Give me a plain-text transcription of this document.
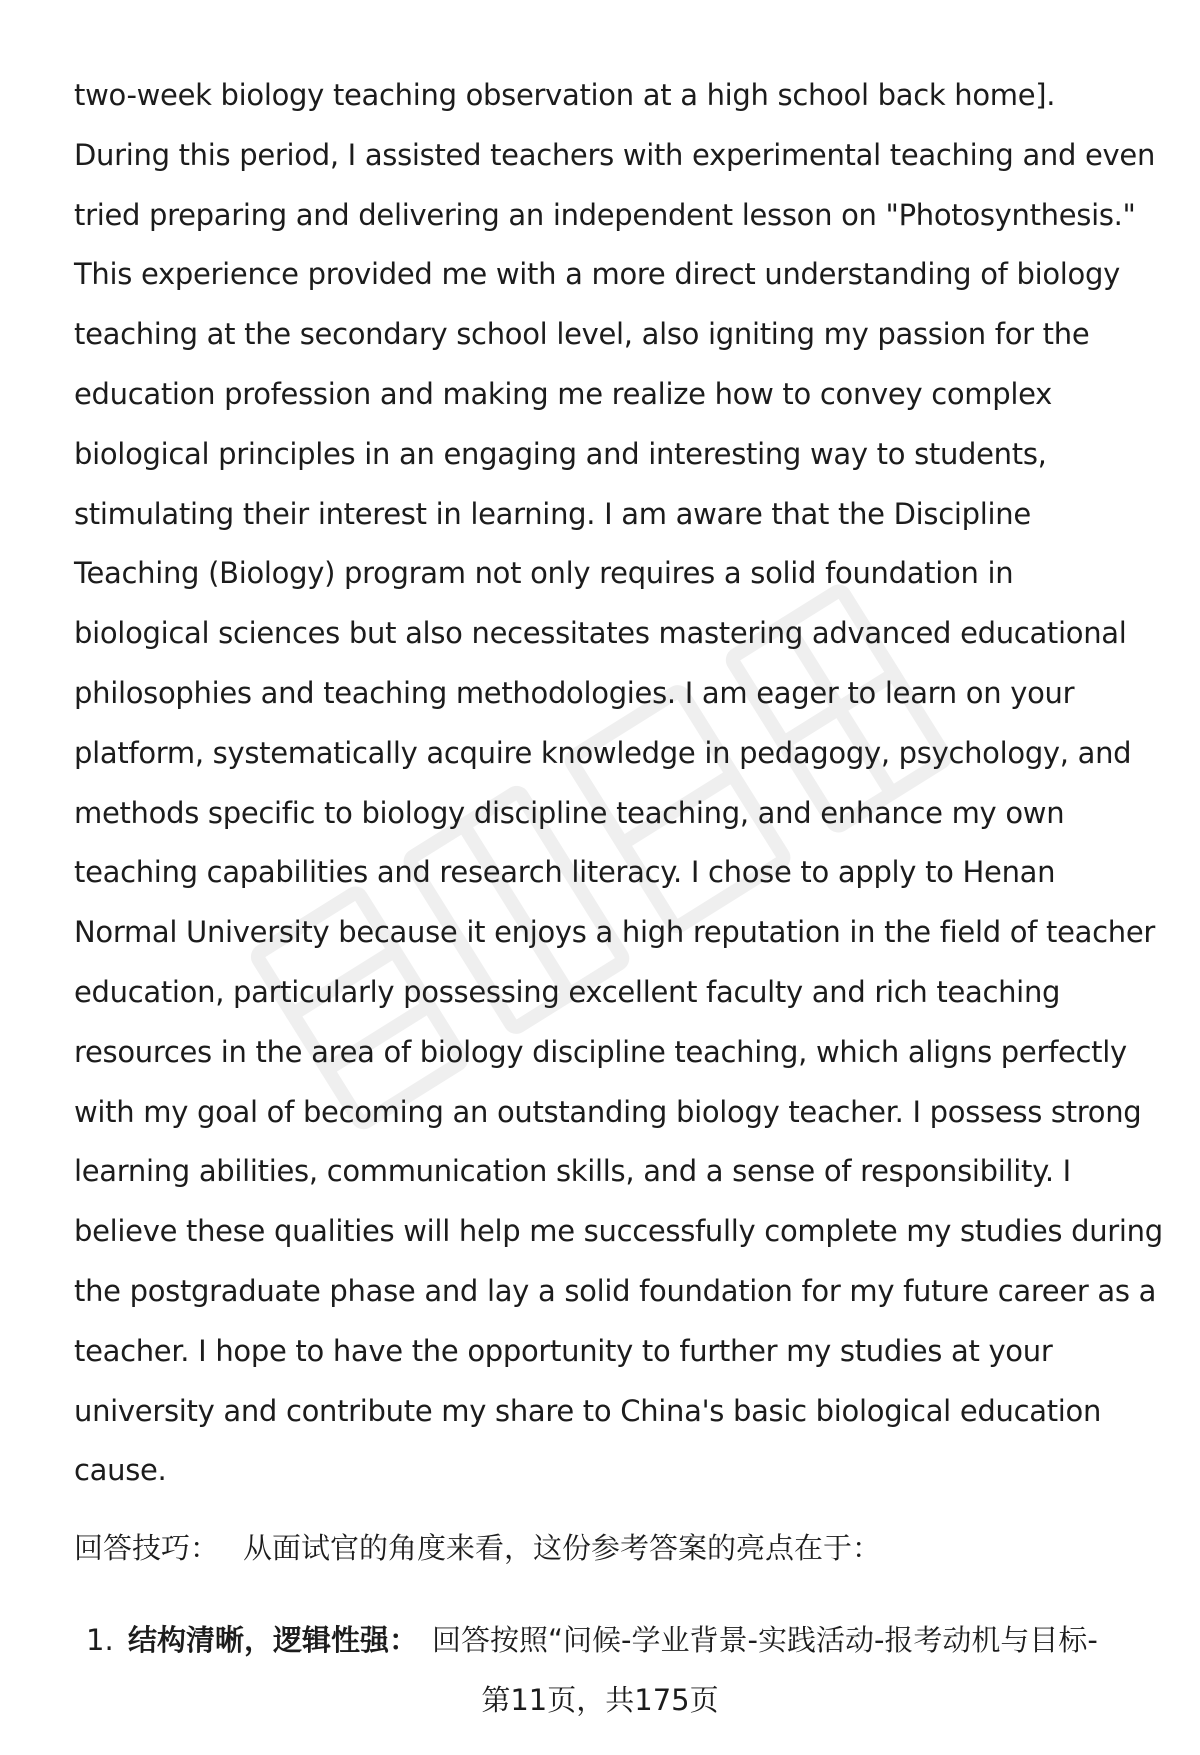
two-week biology teaching observation at a high school back home].
During this period, I assisted teachers with experimental teaching and even
tried preparing and delivering an independent lesson on "Photosynthesis."
This experience provided me with a more direct understanding of biology
teaching at the secondary school level, also igniting my passion for the
education profession and making me realize how to convey complex
biological principles in an engaging and interesting way to students,
stimulating their interest in learning. I am aware that the Discipline
Teaching (Biology) program not only requires a solid foundation in
biological sciences but also necessitates mastering advanced educational
philosophies and teaching methodologies. I am eager to learn on your
platform, systematically acquire knowledge in pedagogy, psychology, and
methods specific to biology discipline teaching, and enhance my own
teaching capabilities and research literacy. I chose to apply to Henan
Normal University because it enjoys a high reputation in the field of teacher
education, particularly possessing excellent faculty and rich teaching
resources in the area of biology discipline teaching, which aligns perfectly
with my goal of becoming an outstanding biology teacher. I possess strong
learning abilities, communication skills, and a sense of responsibility. I
believe these qualities will help me successfully complete my studies during
the postgraduate phase and lay a solid foundation for my future career as a
teacher. I hope to have the opportunity to further my studies at your
university and contribute my share to China's basic biological education
cause.
回答技巧： 从面试官的角度来看，这份参考答案的亮点在于：
1. 结构清晰，逻辑性强： 回答按照“问候-学业背景-实践活动-报考动机与目标-
第11页，共175页
